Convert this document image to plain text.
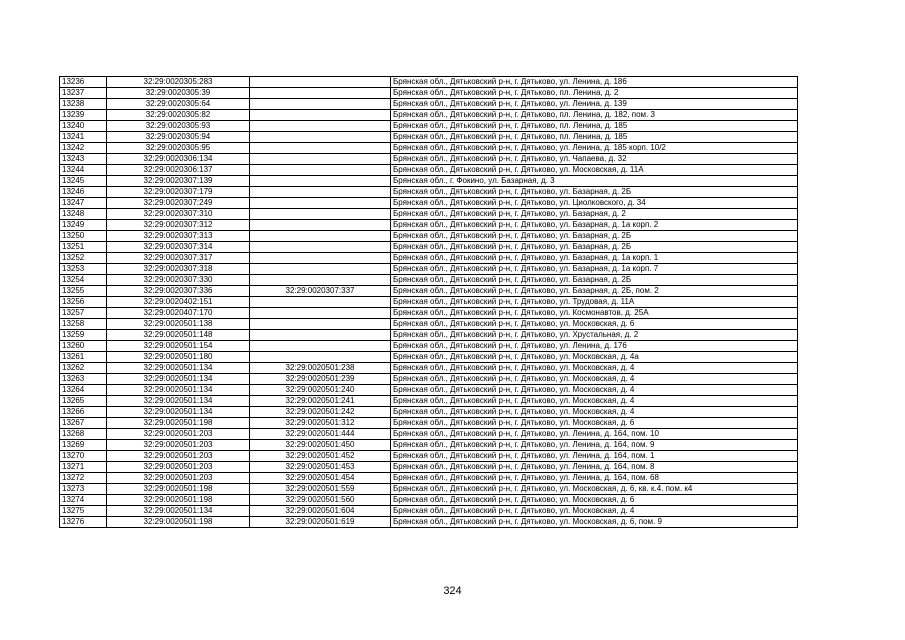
13236	32:29:0020305:283		Брянская обл., Дятьковский р-н, г. Дятьково, ул. Ленина, д. 186
13237	32:29:0020305:39		Брянская обл., Дятьковский р-н, г. Дятьково, пл. Ленина, д. 2
13238	32:29:0020305:64		Брянская обл., Дятьковский р-н, г. Дятьково, ул. Ленина, д. 139
13239	32:29:0020305:82		Брянская обл., Дятьковский р-н, г. Дятьково, пл. Ленина, д. 182, пом. 3
13240	32:29:0020305:93		Брянская обл., Дятьковский р-н, г. Дятьково, пл. Ленина, д. 185
13241	32:29:0020305:94		Брянская обл., Дятьковский р-н, г. Дятьково, пл. Ленина, д. 185
13242	32:29:0020305:95		Брянская обл., Дятьковский р-н, г. Дятьково, ул. Ленина, д. 185 корп. 10/2
13243	32:29:0020306:134		Брянская обл., Дятьковский р-н, г. Дятьково, ул. Чапаева, д. 32
13244	32:29:0020306:137		Брянская обл., Дятьковский р-н, г. Дятьково, ул. Московская, д. 11А
13245	32:29:0020307:139		Брянская обл., г. Фокино, ул. Базарная, д. 3
13246	32:29:0020307:179		Брянская обл., Дятьковский р-н, г. Дятьково, ул. Базарная, д. 2Б
13247	32:29:0020307:249		Брянская обл., Дятьковский р-н, г. Дятьково, ул. Циолковского, д. 34
13248	32:29:0020307:310		Брянская обл., Дятьковский р-н, г. Дятьково, ул. Базарная, д. 2
13249	32:29:0020307:312		Брянская обл., Дятьковский р-н, г. Дятьково, ул. Базарная, д. 1а корп. 2
13250	32:29:0020307:313		Брянская обл., Дятьковский р-н, г. Дятьково, ул. Базарная, д. 2Б
13251	32:29:0020307:314		Брянская обл., Дятьковский р-н, г. Дятьково, ул. Базарная, д. 2Б
13252	32:29:0020307:317		Брянская обл., Дятьковский р-н, г. Дятьково, ул. Базарная, д. 1а корп. 1
13253	32:29:0020307:318		Брянская обл., Дятьковский р-н, г. Дятьково, ул. Базарная, д. 1а корп. 7
13254	32:29:0020307:330		Брянская обл., Дятьковский р-н, г. Дятьково, ул. Базарная, д. 2Б
13255	32:29:0020307:336	32:29:0020307:337	Брянская обл., Дятьковский р-н, г. Дятьково, ул. Базарная, д. 2Б, пом. 2
13256	32:29:0020402:151		Брянская обл., Дятьковский р-н, г. Дятьково, ул. Трудовая, д. 11А
13257	32:29:0020407:170		Брянская обл., Дятьковский р-н, г. Дятьково, ул. Космонавтов, д. 25А
13258	32:29:0020501:138		Брянская обл., Дятьковский р-н, г. Дятьково, ул. Московская, д. 6
13259	32:29:0020501:148		Брянская обл., Дятьковский р-н, г. Дятьково, ул. Хрустальная, д. 2
13260	32:29:0020501:154		Брянская обл., Дятьковский р-н, г. Дятьково, ул. Ленина, д. 176
13261	32:29:0020501:180		Брянская обл., Дятьковский р-н, г. Дятьково, ул. Московская, д. 4а
13262	32:29:0020501:134	32:29:0020501:238	Брянская обл., Дятьковский р-н, г. Дятьково, ул. Московская, д. 4
13263	32:29:0020501:134	32:29:0020501:239	Брянская обл., Дятьковский р-н, г. Дятьково, ул. Московская, д. 4
13264	32:29:0020501:134	32:29:0020501:240	Брянская обл., Дятьковский р-н, г. Дятьково, ул. Московская, д. 4
13265	32:29:0020501:134	32:29:0020501:241	Брянская обл., Дятьковский р-н, г. Дятьково, ул. Московская, д. 4
13266	32:29:0020501:134	32:29:0020501:242	Брянская обл., Дятьковский р-н, г. Дятьково, ул. Московская, д. 4
13267	32:29:0020501:198	32:29:0020501:312	Брянская обл., Дятьковский р-н, г. Дятьково, ул. Московская, д. 6
13268	32:29:0020501:203	32:29:0020501:444	Брянская обл., Дятьковский р-н, г. Дятьково, ул. Ленина, д. 164, пом. 10
13269	32:29:0020501:203	32:29:0020501:450	Брянская обл., Дятьковский р-н, г. Дятьково, ул. Ленина, д. 164, пом. 9
13270	32:29:0020501:203	32:29:0020501:452	Брянская обл., Дятьковский р-н, г. Дятьково, ул. Ленина, д. 164, пом. 1
13271	32:29:0020501:203	32:29:0020501:453	Брянская обл., Дятьковский р-н, г. Дятьково, ул. Ленина, д. 164, пом. 8
13272	32:29:0020501:203	32:29:0020501:454	Брянская обл., Дятьковский р-н, г. Дятьково, ул. Ленина, д. 164, пом. 68
13273	32:29:0020501:198	32:29:0020501:559	Брянская обл., Дятьковский р-н, г. Дятьково, ул. Московская, д. 6, кв. к.4. пом. к4
13274	32:29:0020501:198	32:29:0020501:560	Брянская обл., Дятьковский р-н, г. Дятьково, ул. Московская, д. 6
13275	32:29:0020501:134	32:29:0020501:604	Брянская обл., Дятьковский р-н, г. Дятьково, ул. Московская, д. 4
13276	32:29:0020501:198	32:29:0020501:619	Брянская обл., Дятьковский р-н, г. Дятьково, ул. Московская, д. 6, пом. 9
324
